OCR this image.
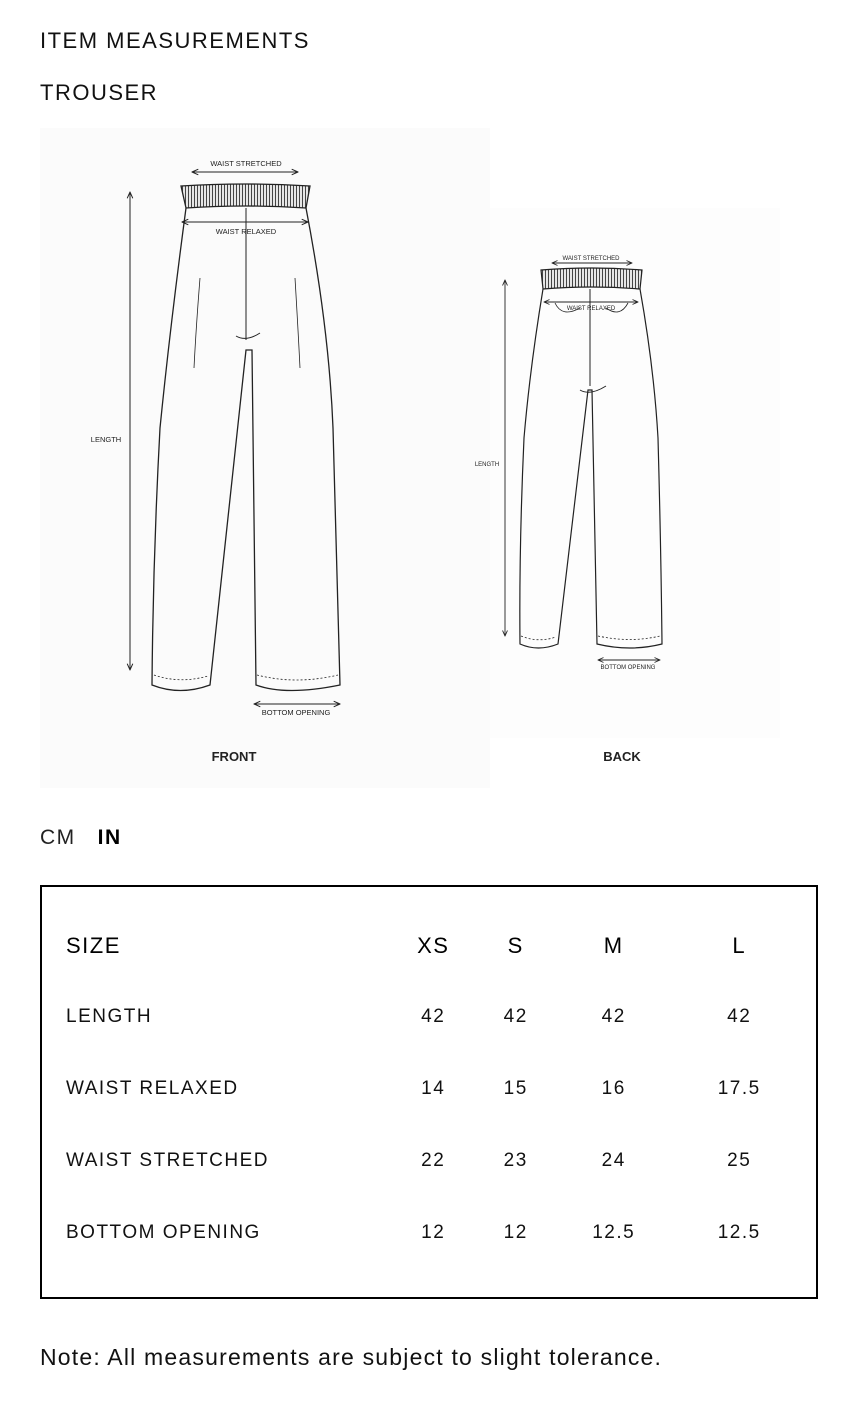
ITEM MEASUREMENTS
TROUSER
WAIST STRETCHED
WAIST RELAXED
LENGTH
BOTTOM OPENING
FRONT
WAIST STRETCHED
WAIST RELAXED
LENGTH
BOTTOM OPENING
BACK
CM IN
SIZE	XS	S	M	L
LENGTH	42	42	42	42
WAIST RELAXED	14	15	16	17.5
WAIST STRETCHED	22	23	24	25
BOTTOM OPENING	12	12	12.5	12.5

Note: All measurements are subject to slight tolerance.
